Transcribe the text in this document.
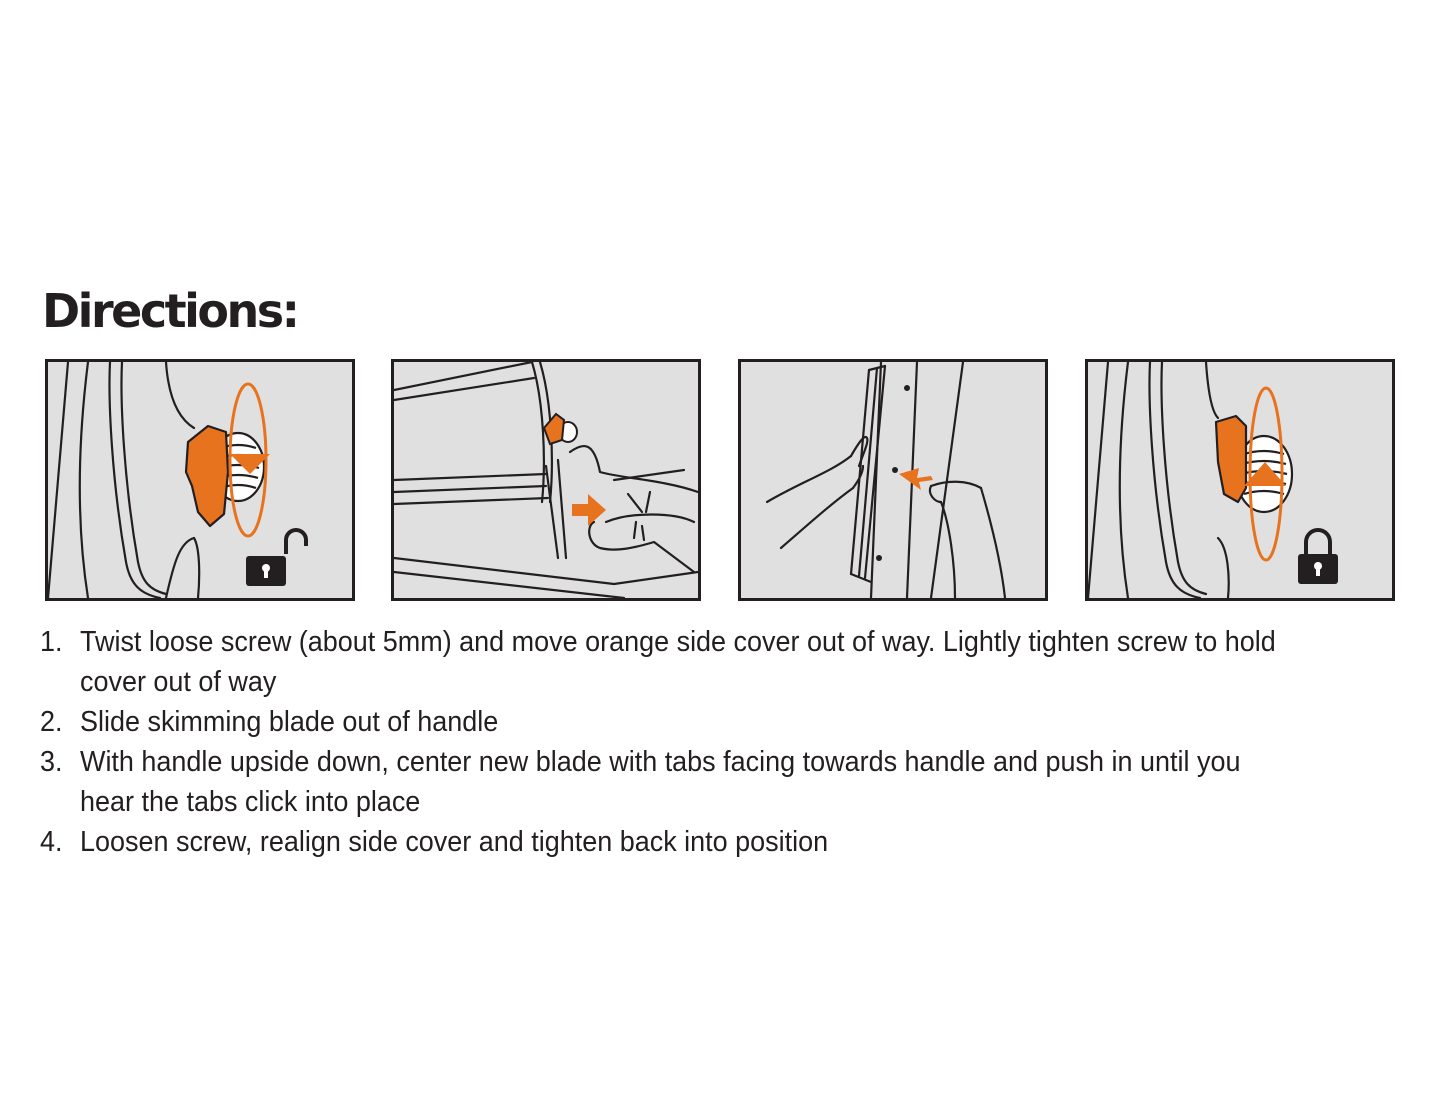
Directions:
1. Twist loose screw (about 5mm) and move orange side cover out of way. Lightly tighten screw to hold cover out of way
2. Slide skimming blade out of handle
3. With handle upside down, center new blade with tabs facing towards handle and push in until you hear the tabs click into place
4. Loosen screw, realign side cover and tighten back into position
